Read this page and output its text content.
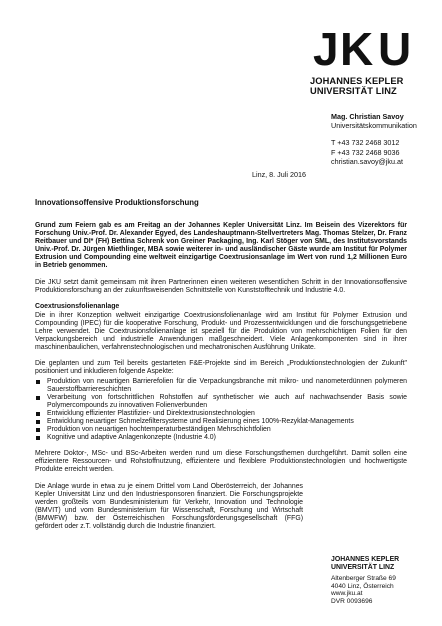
J K U
JOHANNES KEPLER
UNIVERSITÄT LINZ
Mag. Christian Savoy
Universitätskommunikation
T +43 732 2468 3012
F +43 732 2468 9036
christian.savoy@jku.at
Linz, 8. Juli 2016
Innovationsoffensive Produktionsforschung

Grund zum Feiern gab es am Freitag an der Johannes Kepler Universität Linz. Im Beisein des Vizerektors für Forschung Univ.-Prof. Dr. Alexander Egyed, des Landeshauptmann-Stellvertreters Mag. Thomas Stelzer, Dr. Franz Reitbauer und DI* (FH) Bettina Schrenk von Greiner Packaging, Ing. Karl Stöger von SML, des Institutsvorstands Univ.-Prof. Dr. Jürgen Miethlinger, MBA sowie weiterer in- und ausländischer Gäste wurde am Institut für Polymer Extrusion und Compounding eine weltweit einzigartige Coextrusionsanlage im Wert von rund 1,2 Millionen Euro in Betrieb genommen.

Die JKU setzt damit gemeinsam mit ihren Partnerinnen einen weiteren wesentlichen Schritt in der Innovationsoffensive Produktionsforschung an der zukunftsweisenden Schnittstelle von Kunststofftechnik und Industrie 4.0.

Coextrusionsfolienanlage

Die in ihrer Konzeption weltweit einzigartige Coextrusionsfolienanlage wird am Institut für Polymer Extrusion und Compounding (IPEC) für die kooperative Forschung, Produkt- und Prozessentwicklungen und die forschungsgetriebene Lehre verwendet. Die Coextrusionsfolienanlage ist speziell für die Produktion von mehrschichtigen Folien für den Verpackungsbereich und industrielle Anwendungen maßgeschneidert. Viele Anlagenkomponenten sind in ihrer maschinenbaulichen, verfahrenstechnologischen und mechatronischen Ausführung Unikate.

Die geplanten und zum Teil bereits gestarteten F&E-Projekte sind im Bereich „Produktionstechnologien der Zukunft" positioniert und inkludieren folgende Aspekte:

Produktion von neuartigen Barrierefolien für die Verpackungsbranche mit mikro- und nanometerdünnen polymeren Sauerstoffbarriereschichten
Verarbeitung von fortschrittlichen Rohstoffen auf synthetischer wie auch auf nachwachsender Basis sowie Polymercompounds zu innovativen Folienverbunden
Entwicklung effizienter Plastifizier- und Direktextrusionstechnologien
Entwicklung neuartiger Schmelzefiltersysteme und Realisierung eines 100%-Rezyklat-Managements
Produktion von neuartigen hochtemperaturbeständigen Mehrschichtfolien
Kognitive und adaptive Anlagenkonzepte (Industrie 4.0)

Mehrere Doktor-, MSc- und BSc-Arbeiten werden rund um diese Forschungsthemen durchgeführt. Damit sollen eine effizientere Ressourcen- und Rohstoffnutzung, effizientere und flexiblere Produktionstechnologien und hochwertigste Produkte erreicht werden.

Die Anlage wurde in etwa zu je einem Drittel vom Land Oberösterreich, der Johannes Kepler Universität Linz und den Industriesponsoren finanziert. Die Forschungsprojekte werden großteils vom Bundesministerium für Verkehr, Innovation und Technologie (BMVIT) und vom Bundesministerium für Wissenschaft, Forschung und Wirtschaft (BMWFW) bzw. der Österreichischen Forschungsförderungsgesellschaft (FFG) gefördert oder z.T. vollständig durch die Industrie finanziert.

JOHANNES KEPLER
UNIVERSITÄT LINZ
Altenberger Straße 69
4040 Linz, Österreich
www.jku.at
DVR 0093696
